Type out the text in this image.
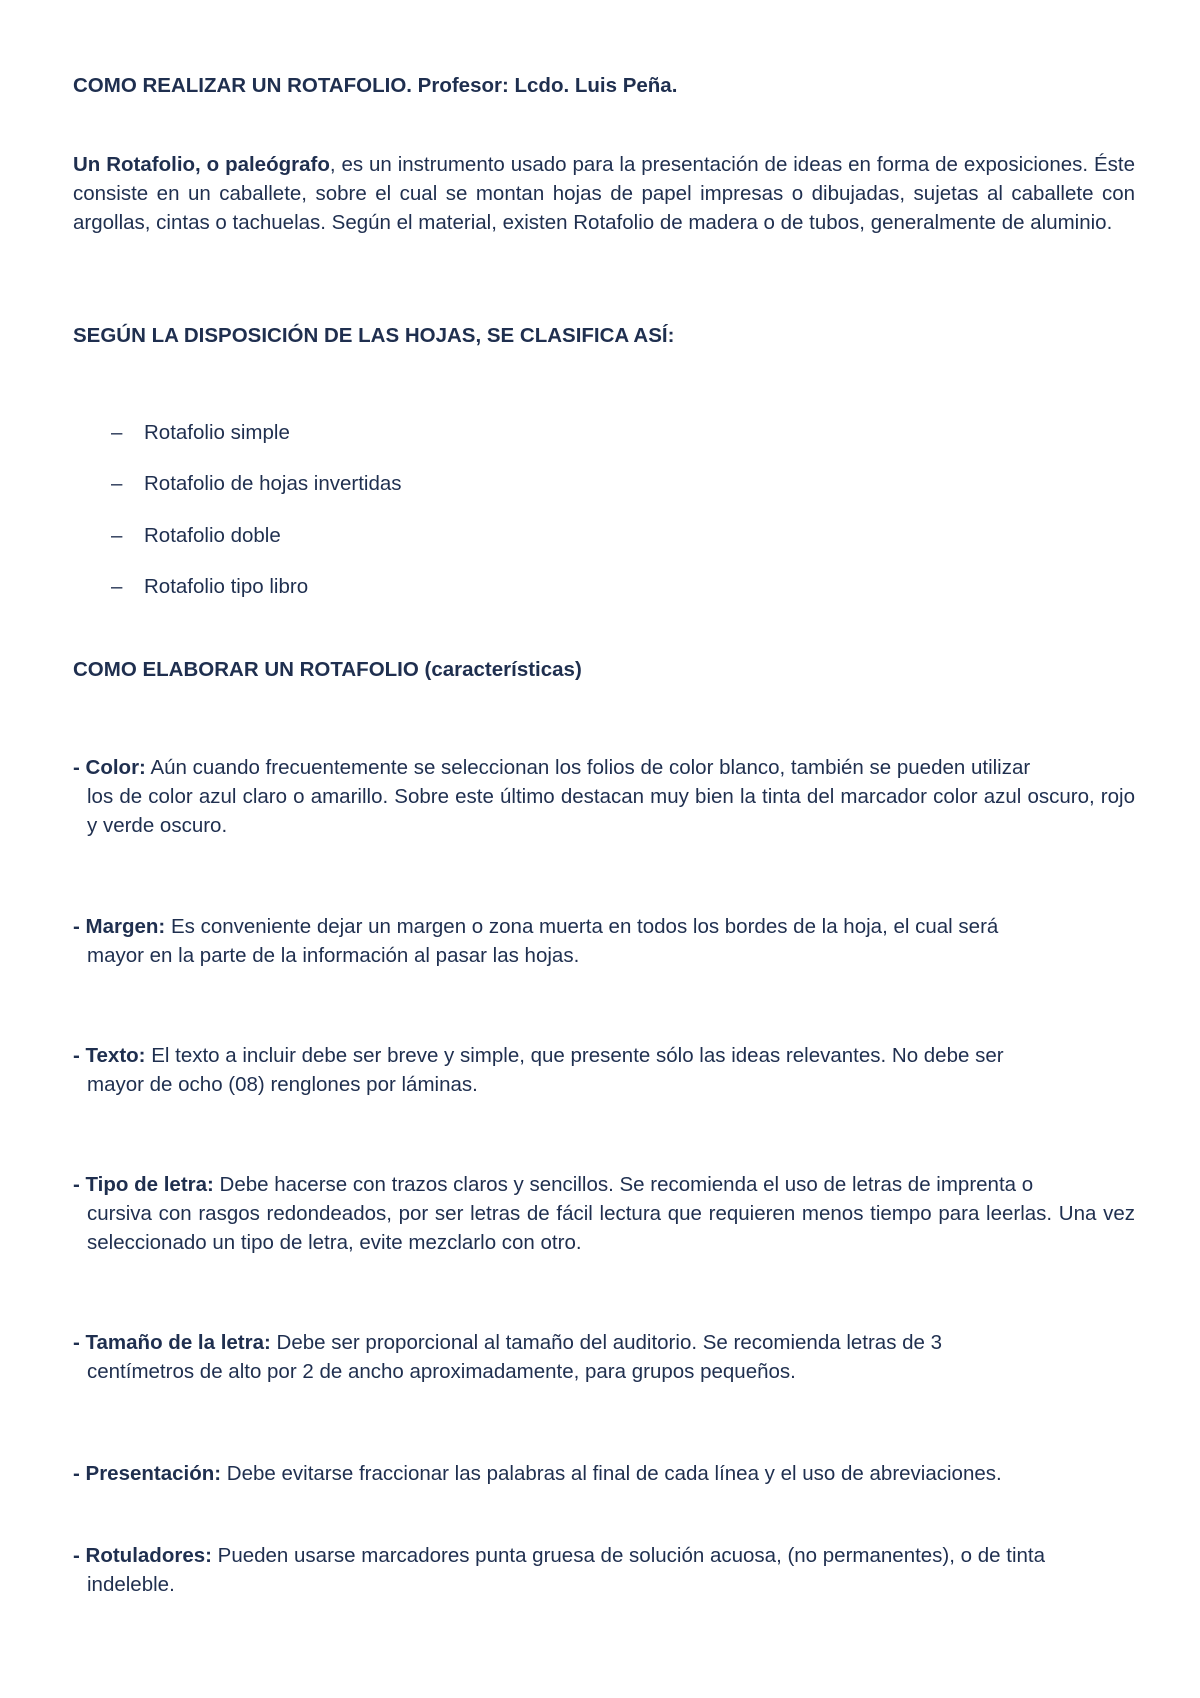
COMO REALIZAR UN ROTAFOLIO. Profesor: Lcdo. Luis Peña.
Un Rotafolio, o paleógrafo, es un instrumento usado para la presentación de ideas en forma de exposiciones. Éste consiste en un caballete, sobre el cual se montan hojas de papel impresas o dibujadas, sujetas al caballete con argollas, cintas o tachuelas. Según el material, existen Rotafolio de madera o de tubos, generalmente de aluminio.
SEGÚN LA DISPOSICIÓN DE LAS HOJAS, SE CLASIFICA ASÍ:
– Rotafolio simple
– Rotafolio de hojas invertidas
– Rotafolio doble
– Rotafolio tipo libro
COMO ELABORAR UN ROTAFOLIO (características)
- Color: Aún cuando frecuentemente se seleccionan los folios de color blanco, también se pueden utilizar
los de color azul claro o amarillo. Sobre este último destacan muy bien la tinta del marcador color azul oscuro, rojo y verde oscuro.
- Margen: Es conveniente dejar un margen o zona muerta en todos los bordes de la hoja, el cual será
mayor en la parte de la información al pasar las hojas.
- Texto: El texto a incluir debe ser breve y simple, que presente sólo las ideas relevantes. No debe ser
mayor de ocho (08) renglones por láminas.
- Tipo de letra: Debe hacerse con trazos claros y sencillos. Se recomienda el uso de letras de imprenta o
cursiva con rasgos redondeados, por ser letras de fácil lectura que requieren menos tiempo para leerlas. Una vez seleccionado un tipo de letra, evite mezclarlo con otro.
- Tamaño de la letra: Debe ser proporcional al tamaño del auditorio. Se recomienda letras de 3
centímetros de alto por 2 de ancho aproximadamente, para grupos pequeños.
- Presentación: Debe evitarse fraccionar las palabras al final de cada línea y el uso de abreviaciones.
- Rotuladores: Pueden usarse marcadores punta gruesa de solución acuosa, (no permanentes), o de tinta
indeleble.
